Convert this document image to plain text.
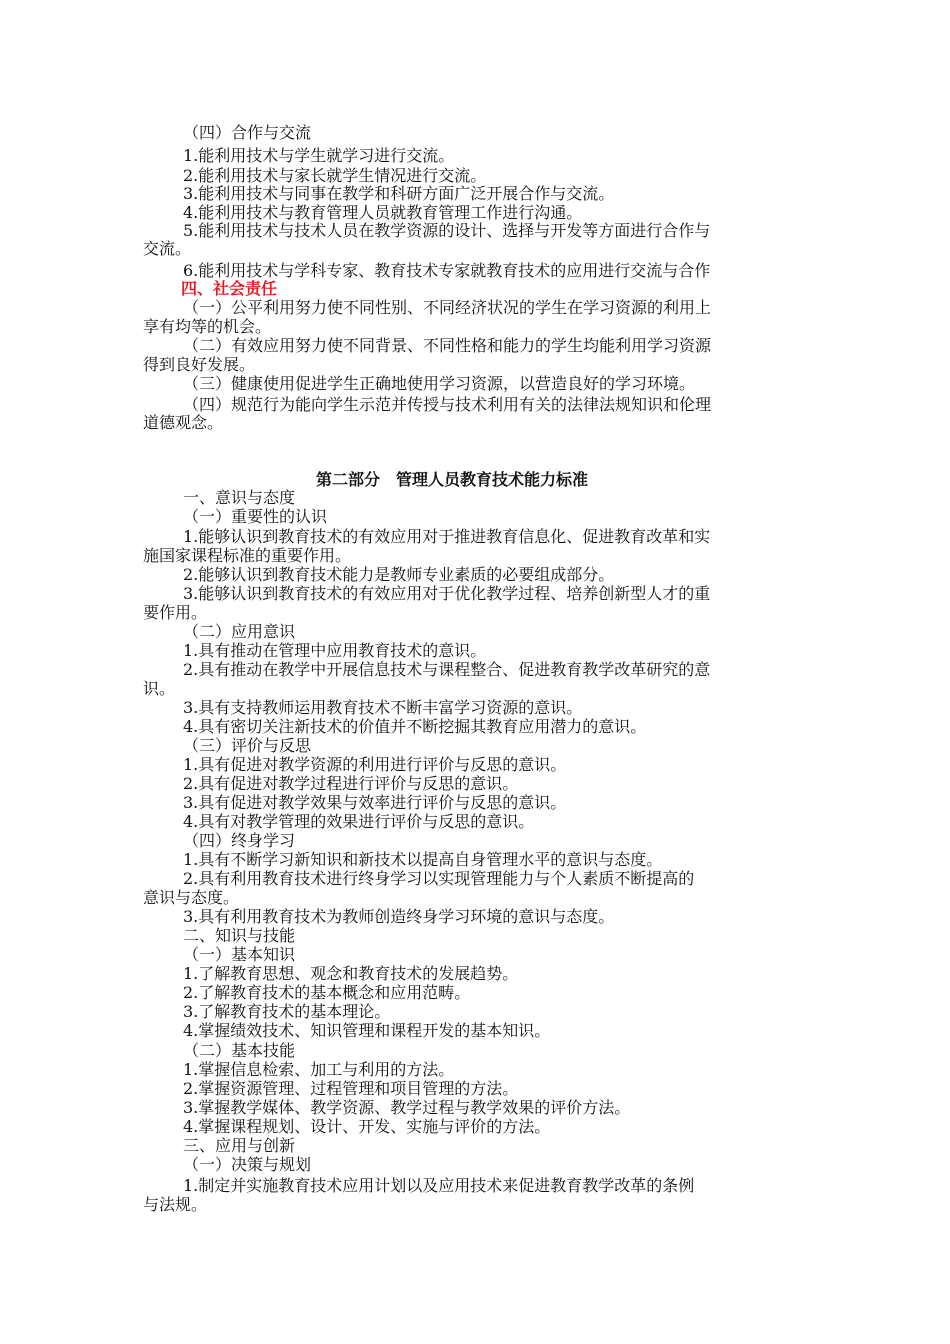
（四）合作与交流

1.能利用技术与学生就学习进行交流。

2.能利用技术与家长就学生情况进行交流。

3.能利用技术与同事在教学和科研方面广泛开展合作与交流。

4.能利用技术与教育管理人员就教育管理工作进行沟通。

5.能利用技术与技术人员在教学资源的设计、选择与开发等方面进行合作与

交流。

6.能利用技术与学科专家、教育技术专家就教育技术的应用进行交流与合作

四、社会责任

（一）公平利用努力使不同性别、不同经济状况的学生在学习资源的利用上

享有均等的机会。

（二）有效应用努力使不同背景、不同性格和能力的学生均能利用学习资源

得到良好发展。

（三）健康使用促进学生正确地使用学习资源，以营造良好的学习环境。

（四）规范行为能向学生示范并传授与技术利用有关的法律法规知识和伦理

道德观念。

第二部分　管理人员教育技术能力标准

一、意识与态度

（一）重要性的认识

1.能够认识到教育技术的有效应用对于推进教育信息化、促进教育改革和实

施国家课程标准的重要作用。

2.能够认识到教育技术能力是教师专业素质的必要组成部分。

3.能够认识到教育技术的有效应用对于优化教学过程、培养创新型人才的重

要作用。

（二）应用意识

1.具有推动在管理中应用教育技术的意识。

2.具有推动在教学中开展信息技术与课程整合、促进教育教学改革研究的意

识。

3.具有支持教师运用教育技术不断丰富学习资源的意识。

4.具有密切关注新技术的价值并不断挖掘其教育应用潜力的意识。

（三）评价与反思

1.具有促进对教学资源的利用进行评价与反思的意识。

2.具有促进对教学过程进行评价与反思的意识。

3.具有促进对教学效果与效率进行评价与反思的意识。

4.具有对教学管理的效果进行评价与反思的意识。

（四）终身学习

1.具有不断学习新知识和新技术以提高自身管理水平的意识与态度。

2.具有利用教育技术进行终身学习以实现管理能力与个人素质不断提高的

意识与态度。

3.具有利用教育技术为教师创造终身学习环境的意识与态度。

二、知识与技能

（一）基本知识

1.了解教育思想、观念和教育技术的发展趋势。

2.了解教育技术的基本概念和应用范畴。

3.了解教育技术的基本理论。

4.掌握绩效技术、知识管理和课程开发的基本知识。

（二）基本技能

1.掌握信息检索、加工与利用的方法。

2.掌握资源管理、过程管理和项目管理的方法。

3.掌握教学媒体、教学资源、教学过程与教学效果的评价方法。

4.掌握课程规划、设计、开发、实施与评价的方法。

三、应用与创新

（一）决策与规划

1.制定并实施教育技术应用计划以及应用技术来促进教育教学改革的条例

与法规。
